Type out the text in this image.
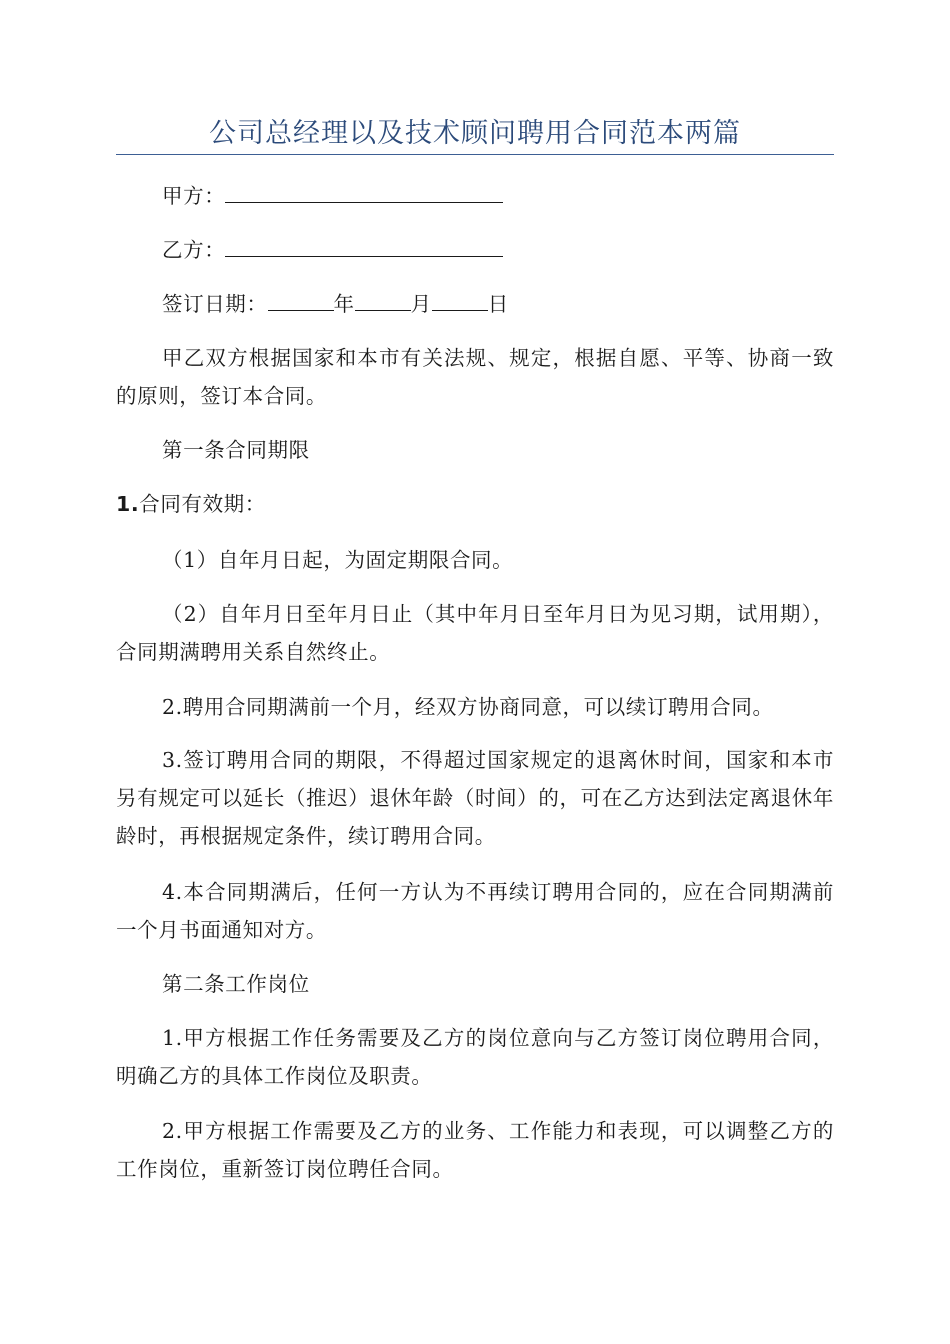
公司总经理以及技术顾问聘用合同范本两篇
甲方：
乙方：
签订日期：	年	月	日
甲乙双方根据国家和本市有关法规、规定，根据自愿、平等、协商一致的原则，签订本合同。
第一条合同期限
1.合同有效期：
（1）自年月日起，为固定期限合同。
（2）自年月日至年月日止（其中年月日至年月日为见习期，试用期），合同期满聘用关系自然终止。
2.聘用合同期满前一个月，经双方协商同意，可以续订聘用合同。
3.签订聘用合同的期限，不得超过国家规定的退离休时间，国家和本市另有规定可以延长（推迟）退休年龄（时间）的，可在乙方达到法定离退休年龄时，再根据规定条件，续订聘用合同。
4.本合同期满后，任何一方认为不再续订聘用合同的，应在合同期满前一个月书面通知对方。
第二条工作岗位
1.甲方根据工作任务需要及乙方的岗位意向与乙方签订岗位聘用合同，明确乙方的具体工作岗位及职责。
2.甲方根据工作需要及乙方的业务、工作能力和表现，可以调整乙方的工作岗位，重新签订岗位聘任合同。
